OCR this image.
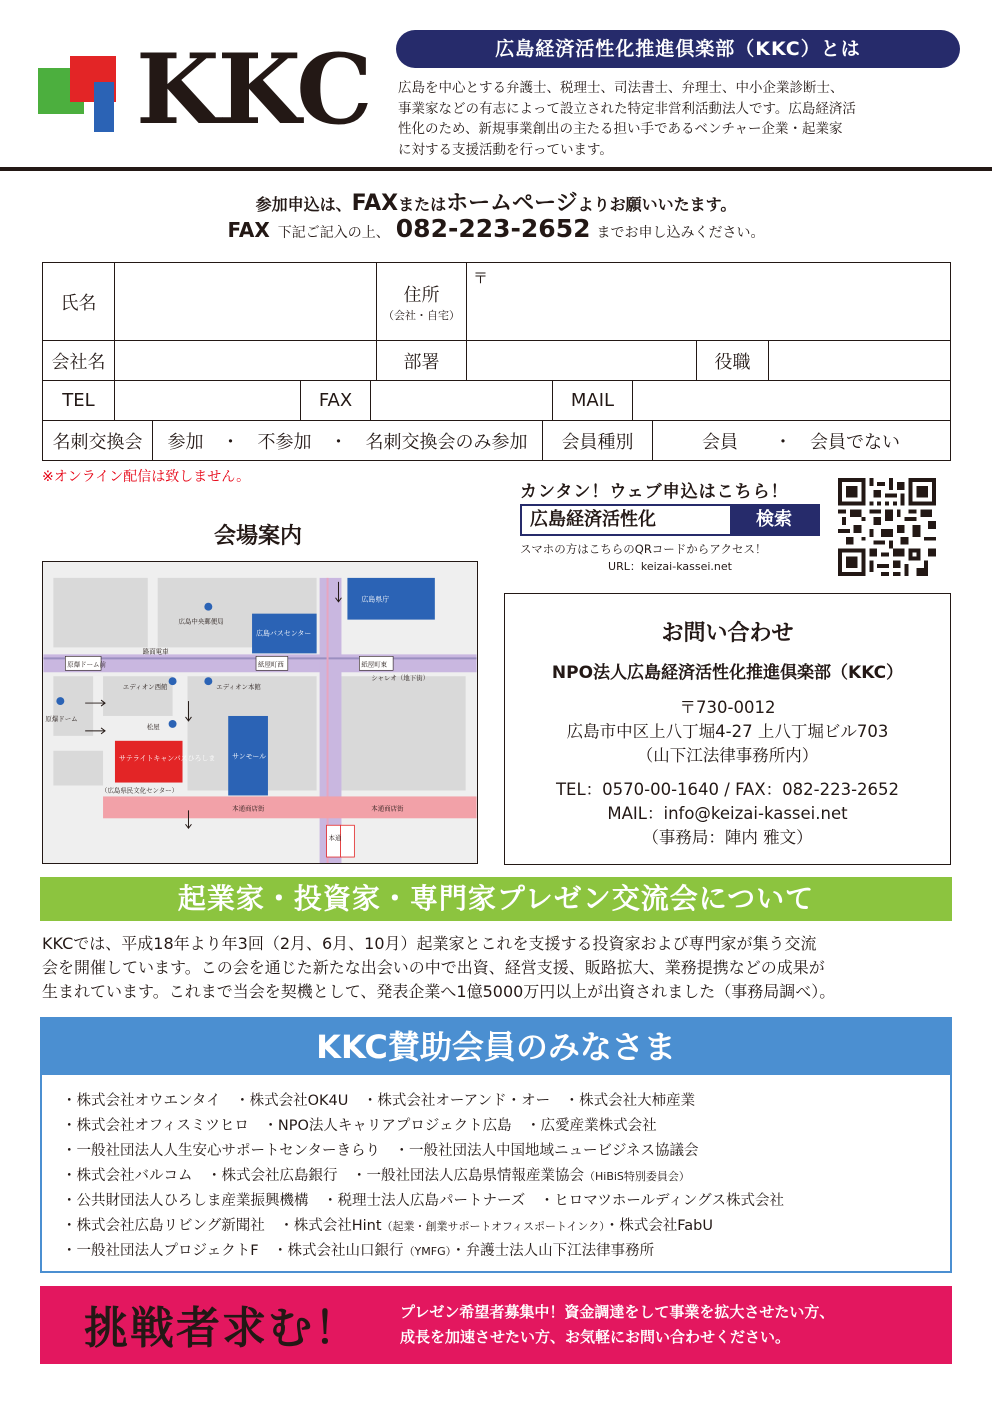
KKC	広島経済活性化推進倶楽部（KKC）とは
広島を中心とする弁護士、税理士、司法書士、弁理士、中小企業診断士、
事業家などの有志によって設立された特定非営利活動法人です。広島経済活
性化のため、新規事業創出の主たる担い手であるベンチャー企業・起業家
に対する支援活動を行っています。
参加申込は、FAXまたはホームページよりお願いいたます。
FAX 下記ご記入の上、 082-223-2652 までお申し込みください。
氏名	住所
（会社・自宅）
〒
会社名	部署	役職
TEL	FAX	MAIL
名刺交換会	参加　・　不参加　・　名刺交換会のみ参加	会員種別	会員　　・　会員でない
※オンライン配信は致しません。
カンタン！ウェブ申込はこちら！
広島経済活性化	検索
スマホの方はこちらのQRコードからアクセス！
URL：keizai-kassei.net
会場案内
広島県庁
広島バスセンター
広島中央郵便局
路面電車
シャレオ（地下街）
エディオン西館	エディオン本館
原爆ドーム
松屋
サンモール
サテライトキャンパスひろしま
（広島県民文化センター）
本通商店街	本通商店街
本通
原爆ドーム前	紙屋町西	紙屋町東
お問い合わせ
NPO法人広島経済活性化推進倶楽部（KKC）
〒730-0012
広島市中区上八丁堀4-27 上八丁堀ビル703
（山下江法律事務所内）
TEL：0570-00-1640 / FAX：082-223-2652
MAIL：info@keizai-kassei.net
（事務局：陣内 雅文）
起業家・投資家・専門家プレゼン交流会について
KKCでは、平成18年より年3回（2月、6月、10月）起業家とこれを支援する投資家および専門家が集う交流
会を開催しています。この会を通じた新たな出会いの中で出資、経営支援、販路拡大、業務提携などの成果が
生まれています。これまで当会を契機として、発表企業へ1億5000万円以上が出資されました（事務局調べ）。
KKC賛助会員のみなさま
・株式会社オウエンタイ　・株式会社OK4U　・株式会社オーアンド・オー　・株式会社大柿産業
・株式会社オフィスミツヒロ　・NPO法人キャリアプロジェクト広島　・広愛産業株式会社
・一般社団法人人生安心サポートセンターきらり　・一般社団法人中国地域ニュービジネス協議会
・株式会社バルコム　・株式会社広島銀行　・一般社団法人広島県情報産業協会（HiBiS特別委員会）
・公共財団法人ひろしま産業振興機構　・税理士法人広島パートナーズ　・ヒロマツホールディングス株式会社
・株式会社広島リビング新聞社　・株式会社Hint（起業・創業サポートオフィスポートインク）・株式会社FabU
・一般社団法人プロジェクトF　・株式会社山口銀行（YMFG）・弁護士法人山下江法律事務所
挑戦者求む！	プレゼン希望者募集中！資金調達をして事業を拡大させたい方、
成長を加速させたい方、お気軽にお問い合わせください。
